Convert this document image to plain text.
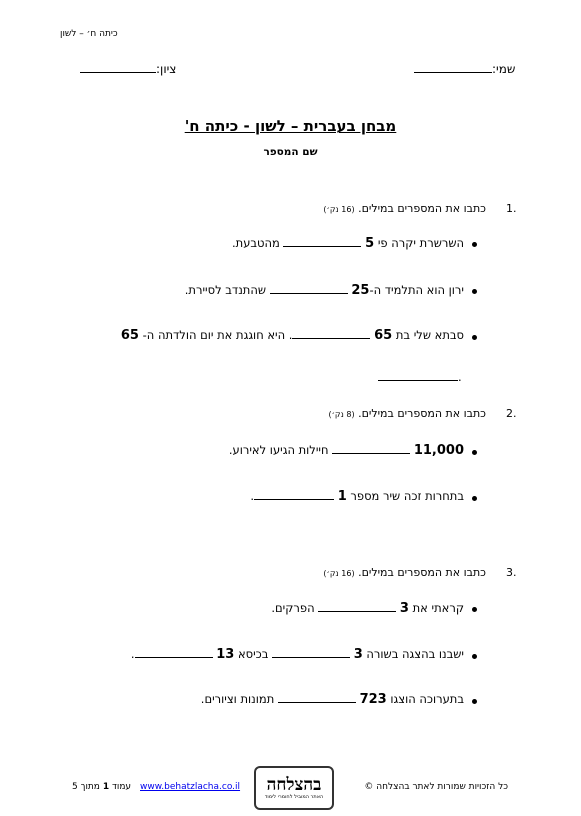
כיתה ח׳ – לשון
ציון:	שמי:
מבחן בעברית – לשון - כיתה ח'
שם המספר
1.
כתבו את המספרים במילים. (16 נק׳)
השרשרת יקרה פי 5  מהטבעת.
ירון הוא התלמיד ה-25  שהתנדב לסיירת.
סבתא שלי בת 65 . היא חוגגת את יום הולדתה ה- 65
.
2.
כתבו את המספרים במילים. (8 נק׳)
11,000  חיילות הגיעו לאירוע.
בתחרות זכה שיר מספר 1 .
3.
כתבו את המספרים במילים. (16 נק׳)
קראתי את 3  הפרקים.
ישבנו בהצגה בשורה 3  בכיסא 13 .
בתערוכה הוצגו 723  תמונות וציורים.
עמוד 1 מתוך 5	www.behatzlacha.co.il בהצלחה
האתר המוביל לחומרי לימוד
כל הזכויות שמורות לאתר בהצלחה ©
